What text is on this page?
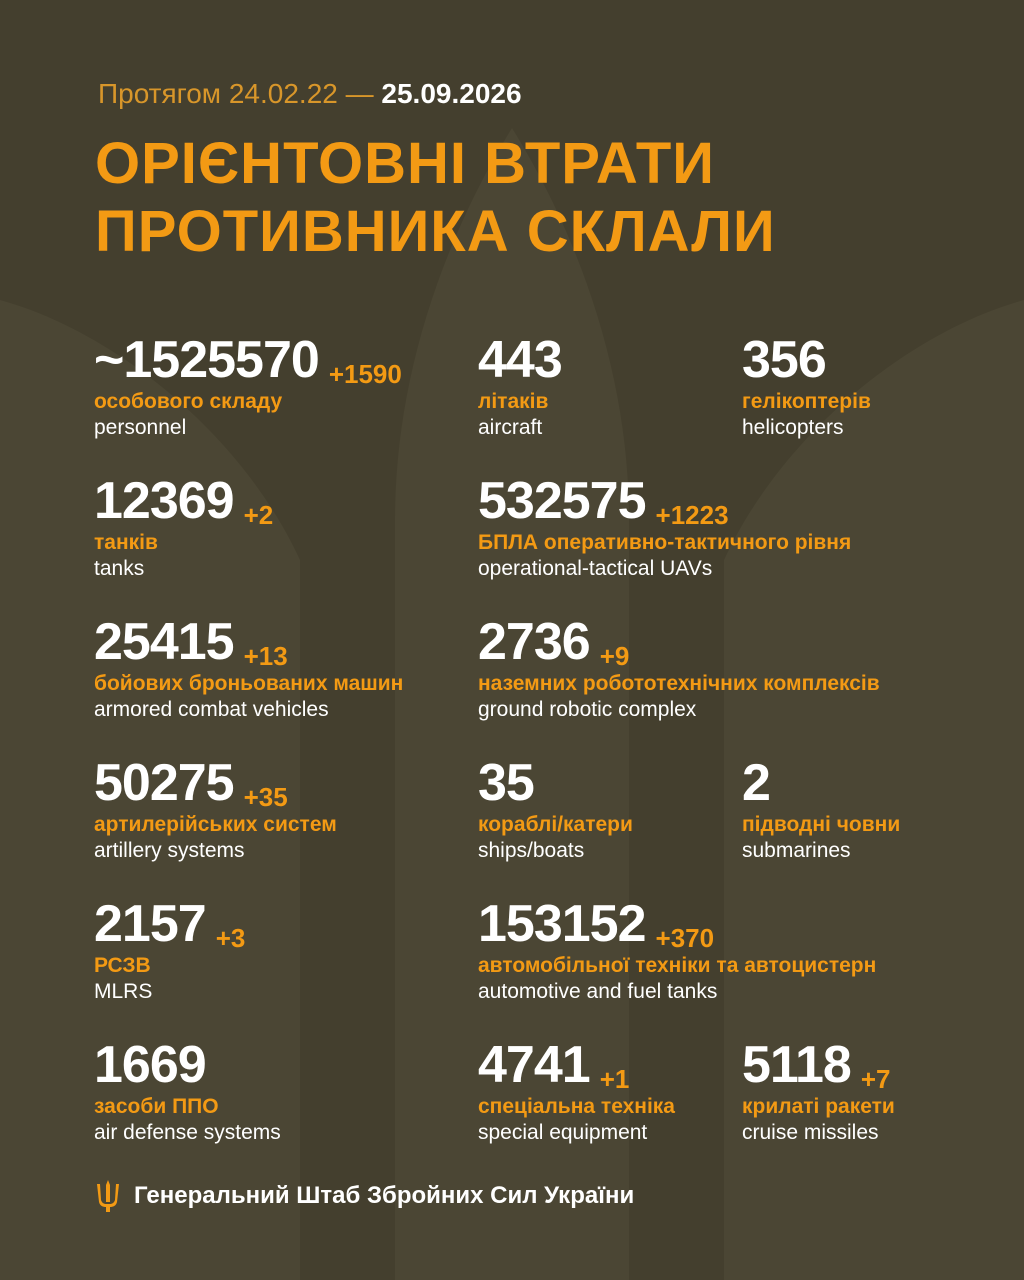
Протягом 24.02.22 — 25.09.2026
ОРІЄНТОВНІ ВТРАТИ
ПРОТИВНИКА СКЛАЛИ
~1525570 +1590
особового складу
personnel
443
літаків
aircraft
356
гелікоптерів
helicopters
12369 +2
танків
tanks
532575 +1223
БПЛА оперативно-тактичного рівня
operational-tactical UAVs
25415 +13
бойових броньованих машин
armored combat vehicles
2736 +9
наземних робототехнічних комплексів
ground robotic complex
50275 +35
артилерійських систем
artillery systems
35
кораблі/катери
ships/boats
2
підводні човни
submarines
2157 +3
РСЗВ
MLRS
153152 +370
автомобільної техніки та автоцистерн
automotive and fuel tanks
1669
засоби ППО
air defense systems
4741 +1
спеціальна техніка
special equipment
5118 +7
крилаті ракети
cruise missiles
Генеральний Штаб Збройних Сил України
